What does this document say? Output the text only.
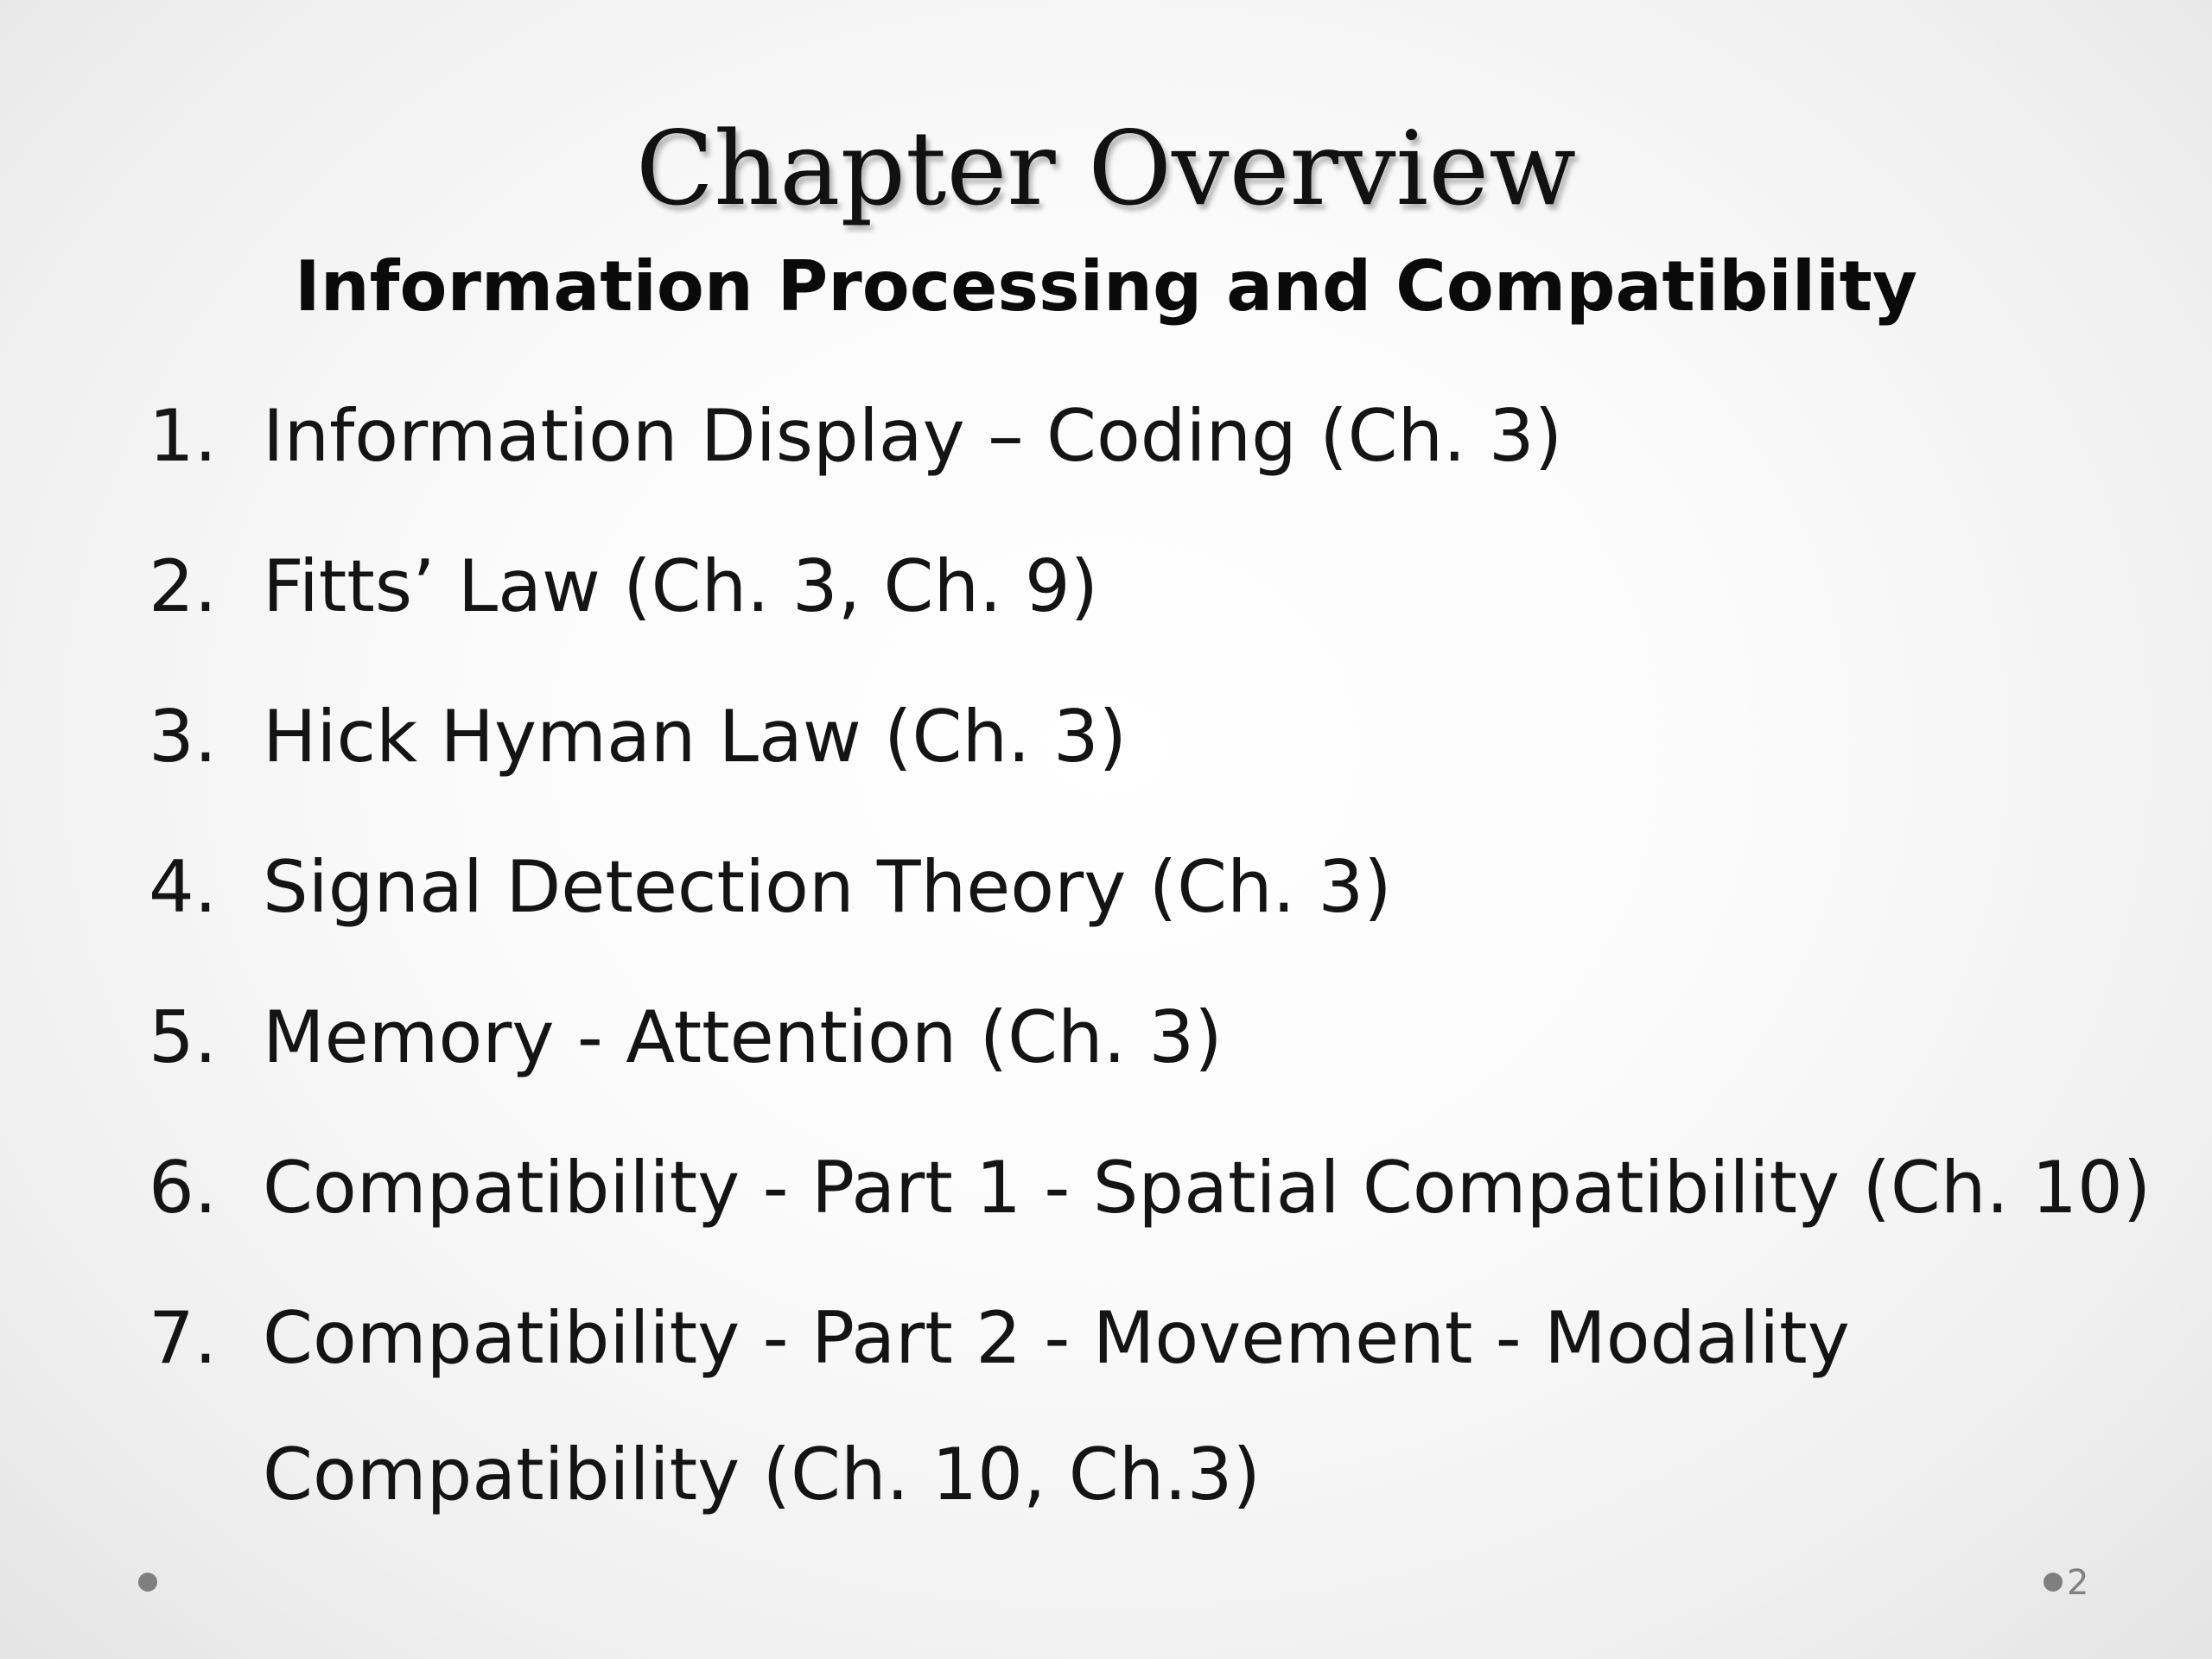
Chapter Overview
Information Processing and Compatibility
1. Information Display – Coding (Ch. 3)
2. Fitts’ Law (Ch. 3, Ch. 9)
3. Hick Hyman Law (Ch. 3)
4. Signal Detection Theory (Ch. 3)
5. Memory - Attention (Ch. 3)
6. Compatibility - Part 1 - Spatial Compatibility (Ch. 10)
7. Compatibility - Part 2 - Movement - Modality Compatibility (Ch. 10, Ch.3)
2
